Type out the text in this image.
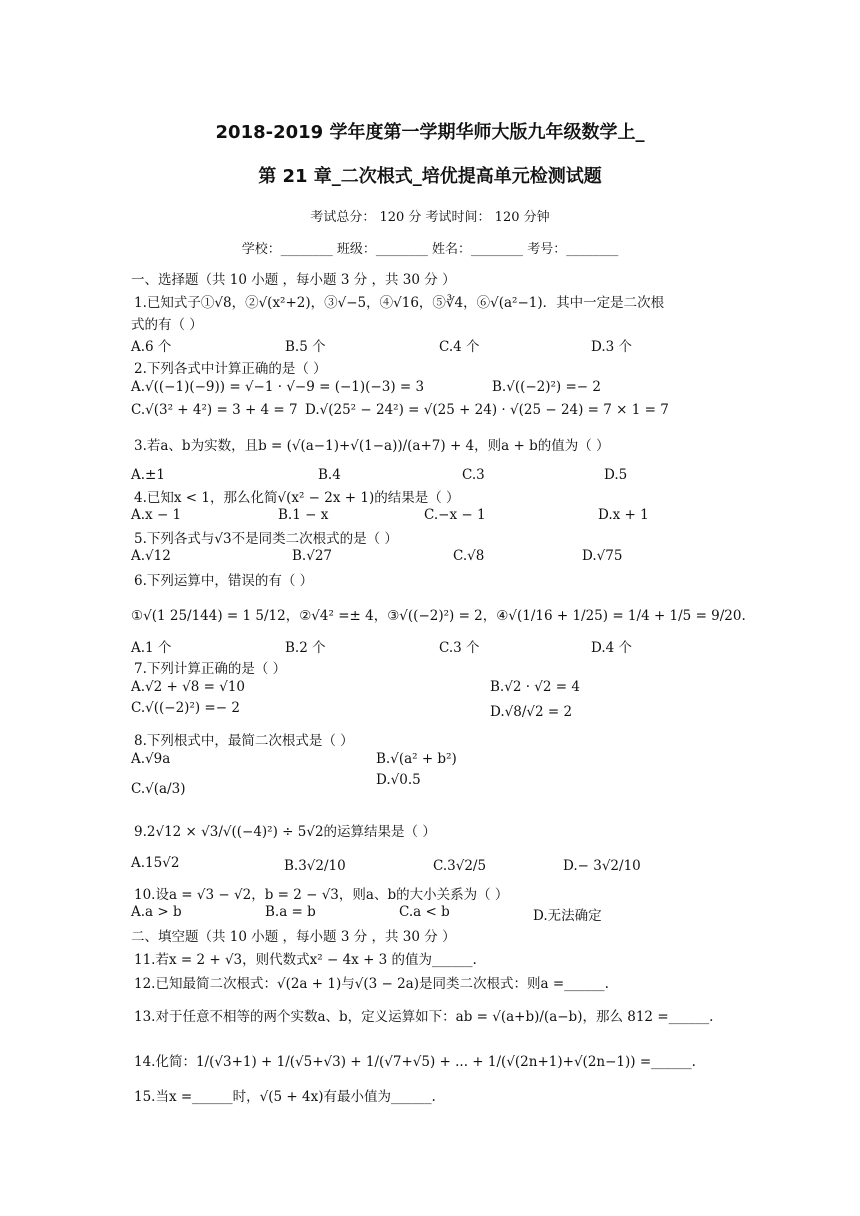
2018-2019 学年度第一学期华师大版九年级数学上_
第 21 章_二次根式_培优提高单元检测试题
考试总分： 120 分 考试时间： 120 分钟
学校：________ 班级：________ 姓名：________ 考号：________
一、选择题（共 10 小题 ，每小题 3 分 ，共 30 分 ）
1.已知式子①√8，②√(x²+2)，③√−5，④√16，⑤∛4，⑥√(a²−1)．其中一定是二次根
式的有（ ）
A.6 个	B.5 个	C.4 个	D.3 个
2.下列各式中计算正确的是（ ）
A.√((−1)(−9)) = √−1 · √−9 = (−1)(−3) = 3	B.√((−2)²) =− 2
C.√(3² + 4²) = 3 + 4 = 7 D.√(25² − 24²) = √(25 + 24) · √(25 − 24) = 7 × 1 = 7
3.若a、b为实数，且b = (√(a−1)+√(1−a))/(a+7) + 4，则a + b的值为（ ）
A.±1	B.4	C.3	D.5
4.已知x < 1，那么化简√(x² − 2x + 1)的结果是（ ）
A.x − 1	B.1 − x	C.−x − 1	D.x + 1
5.下列各式与√3不是同类二次根式的是（ ）
A.√12	B.√27	C.√8	D.√75
6.下列运算中，错误的有（ ）
①√(1 25/144) = 1 5/12，②√4² =± 4，③√((−2)²) = 2，④√(1/16 + 1/25) = 1/4 + 1/5 = 9/20.
A.1 个	B.2 个	C.3 个	D.4 个
7.下列计算正确的是（ ）
A.√2 + √8 = √10	B.√2 · √2 = 4
C.√((−2)²) =− 2	D.√8/√2 = 2
8.下列根式中，最简二次根式是（ ）
A.√9a	B.√(a² + b²)
D.√0.5
C.√(a/3)
9.2√12 × √3/√((−4)²) ÷ 5√2的运算结果是（ ）
A.15√2	B.3√2/10	C.3√2/5	D.− 3√2/10
10.设a = √3 − √2，b = 2 − √3，则a、b的大小关系为（ ）
A.a > b	B.a = b	C.a < b	D.无法确定
二、填空题（共 10 小题 ，每小题 3 分 ，共 30 分 ）
11.若x = 2 + √3，则代数式x² − 4x + 3 的值为______.
12.已知最简二次根式：√(2a + 1)与√(3 − 2a)是同类二次根式：则a =______.
13.对于任意不相等的两个实数a、b，定义运算如下：ab = √(a+b)/(a−b)，那么 812 =______.
14.化简：1/(√3+1) + 1/(√5+√3) + 1/(√7+√5) + ... + 1/(√(2n+1)+√(2n−1)) =______.
15.当x =______时，√(5 + 4x)有最小值为______.
